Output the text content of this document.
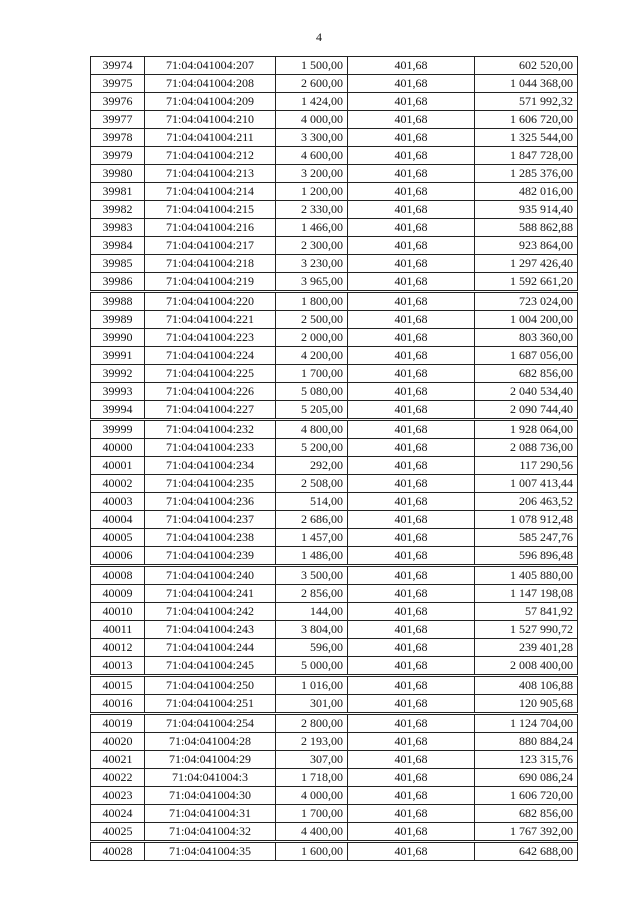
4
39974	71:04:041004:207	1 500,00	401,68	602 520,00
39975	71:04:041004:208	2 600,00	401,68	1 044 368,00
39976	71:04:041004:209	1 424,00	401,68	571 992,32
39977	71:04:041004:210	4 000,00	401,68	1 606 720,00
39978	71:04:041004:211	3 300,00	401,68	1 325 544,00
39979	71:04:041004:212	4 600,00	401,68	1 847 728,00
39980	71:04:041004:213	3 200,00	401,68	1 285 376,00
39981	71:04:041004:214	1 200,00	401,68	482 016,00
39982	71:04:041004:215	2 330,00	401,68	935 914,40
39983	71:04:041004:216	1 466,00	401,68	588 862,88
39984	71:04:041004:217	2 300,00	401,68	923 864,00
39985	71:04:041004:218	3 230,00	401,68	1 297 426,40
39986	71:04:041004:219	3 965,00	401,68	1 592 661,20
39988	71:04:041004:220	1 800,00	401,68	723 024,00
39989	71:04:041004:221	2 500,00	401,68	1 004 200,00
39990	71:04:041004:223	2 000,00	401,68	803 360,00
39991	71:04:041004:224	4 200,00	401,68	1 687 056,00
39992	71:04:041004:225	1 700,00	401,68	682 856,00
39993	71:04:041004:226	5 080,00	401,68	2 040 534,40
39994	71:04:041004:227	5 205,00	401,68	2 090 744,40
39999	71:04:041004:232	4 800,00	401,68	1 928 064,00
40000	71:04:041004:233	5 200,00	401,68	2 088 736,00
40001	71:04:041004:234	292,00	401,68	117 290,56
40002	71:04:041004:235	2 508,00	401,68	1 007 413,44
40003	71:04:041004:236	514,00	401,68	206 463,52
40004	71:04:041004:237	2 686,00	401,68	1 078 912,48
40005	71:04:041004:238	1 457,00	401,68	585 247,76
40006	71:04:041004:239	1 486,00	401,68	596 896,48
40008	71:04:041004:240	3 500,00	401,68	1 405 880,00
40009	71:04:041004:241	2 856,00	401,68	1 147 198,08
40010	71:04:041004:242	144,00	401,68	57 841,92
40011	71:04:041004:243	3 804,00	401,68	1 527 990,72
40012	71:04:041004:244	596,00	401,68	239 401,28
40013	71:04:041004:245	5 000,00	401,68	2 008 400,00
40015	71:04:041004:250	1 016,00	401,68	408 106,88
40016	71:04:041004:251	301,00	401,68	120 905,68
40019	71:04:041004:254	2 800,00	401,68	1 124 704,00
40020	71:04:041004:28	2 193,00	401,68	880 884,24
40021	71:04:041004:29	307,00	401,68	123 315,76
40022	71:04:041004:3	1 718,00	401,68	690 086,24
40023	71:04:041004:30	4 000,00	401,68	1 606 720,00
40024	71:04:041004:31	1 700,00	401,68	682 856,00
40025	71:04:041004:32	4 400,00	401,68	1 767 392,00
40028	71:04:041004:35	1 600,00	401,68	642 688,00
